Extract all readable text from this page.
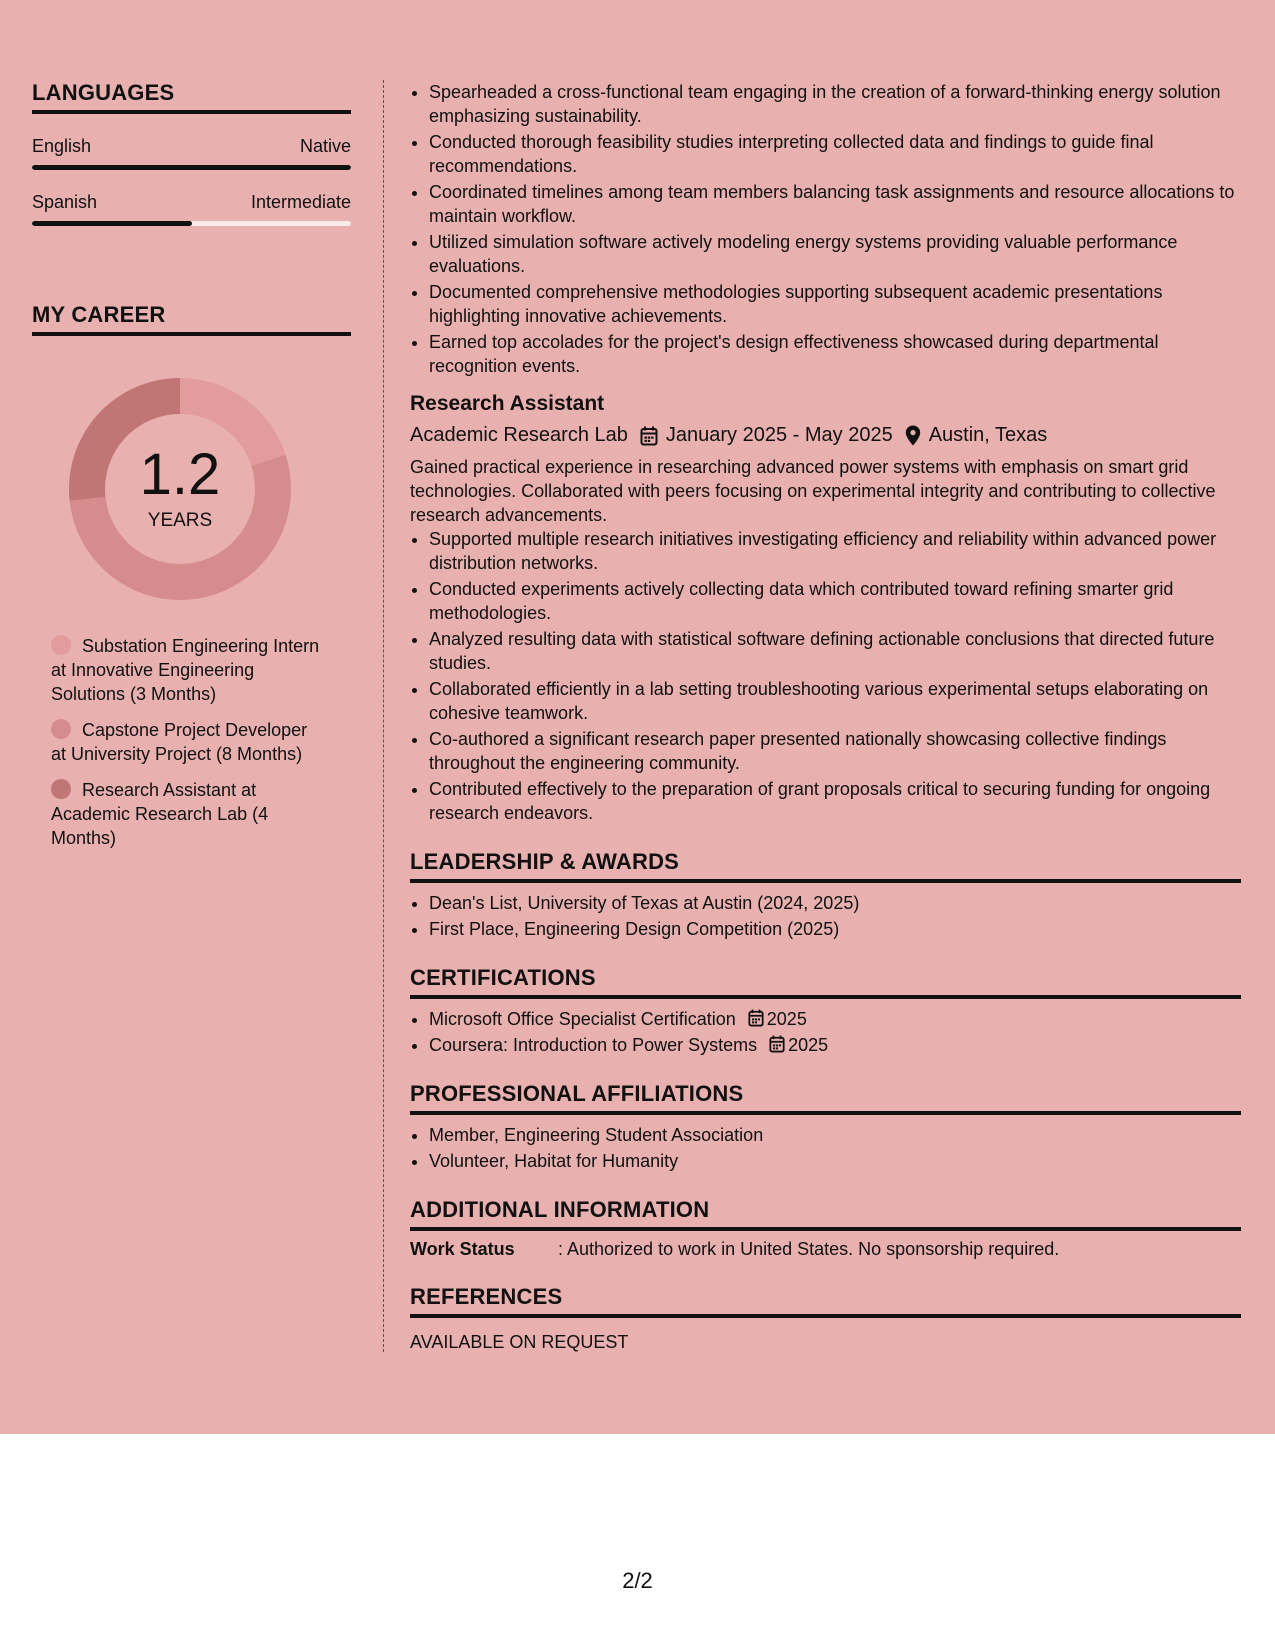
LANGUAGES
English	Native
Spanish	Intermediate
MY CAREER
1.2
YEARS
Substation Engineering Intern at Innovative Engineering Solutions (3 Months)
Capstone Project Developer at University Project (8 Months)
Research Assistant at Academic Research Lab (4 Months)
• Spearheaded a cross-functional team engaging in the creation of a forward-thinking energy solution emphasizing sustainability.
• Conducted thorough feasibility studies interpreting collected data and findings to guide final recommendations.
• Coordinated timelines among team members balancing task assignments and resource allocations to maintain workflow.
• Utilized simulation software actively modeling energy systems providing valuable performance evaluations.
• Documented comprehensive methodologies supporting subsequent academic presentations highlighting innovative achievements.
• Earned top accolades for the project's design effectiveness showcased during departmental recognition events.
Research Assistant
Academic Research Lab January 2025 - May 2025 Austin, Texas
Gained practical experience in researching advanced power systems with emphasis on smart grid technologies. Collaborated with peers focusing on experimental integrity and contributing to collective research advancements.
• Supported multiple research initiatives investigating efficiency and reliability within advanced power distribution networks.
• Conducted experiments actively collecting data which contributed toward refining smarter grid methodologies.
• Analyzed resulting data with statistical software defining actionable conclusions that directed future studies.
• Collaborated efficiently in a lab setting troubleshooting various experimental setups elaborating on cohesive teamwork.
• Co-authored a significant research paper presented nationally showcasing collective findings throughout the engineering community.
• Contributed effectively to the preparation of grant proposals critical to securing funding for ongoing research endeavors.
LEADERSHIP & AWARDS
• Dean's List, University of Texas at Austin (2024, 2025)
• First Place, Engineering Design Competition (2025)
CERTIFICATIONS
• Microsoft Office Specialist Certification 2025
• Coursera: Introduction to Power Systems 2025
PROFESSIONAL AFFILIATIONS
• Member, Engineering Student Association
• Volunteer, Habitat for Humanity
ADDITIONAL INFORMATION
Work Status	: Authorized to work in United States. No sponsorship required.
REFERENCES
AVAILABLE ON REQUEST
2/2
